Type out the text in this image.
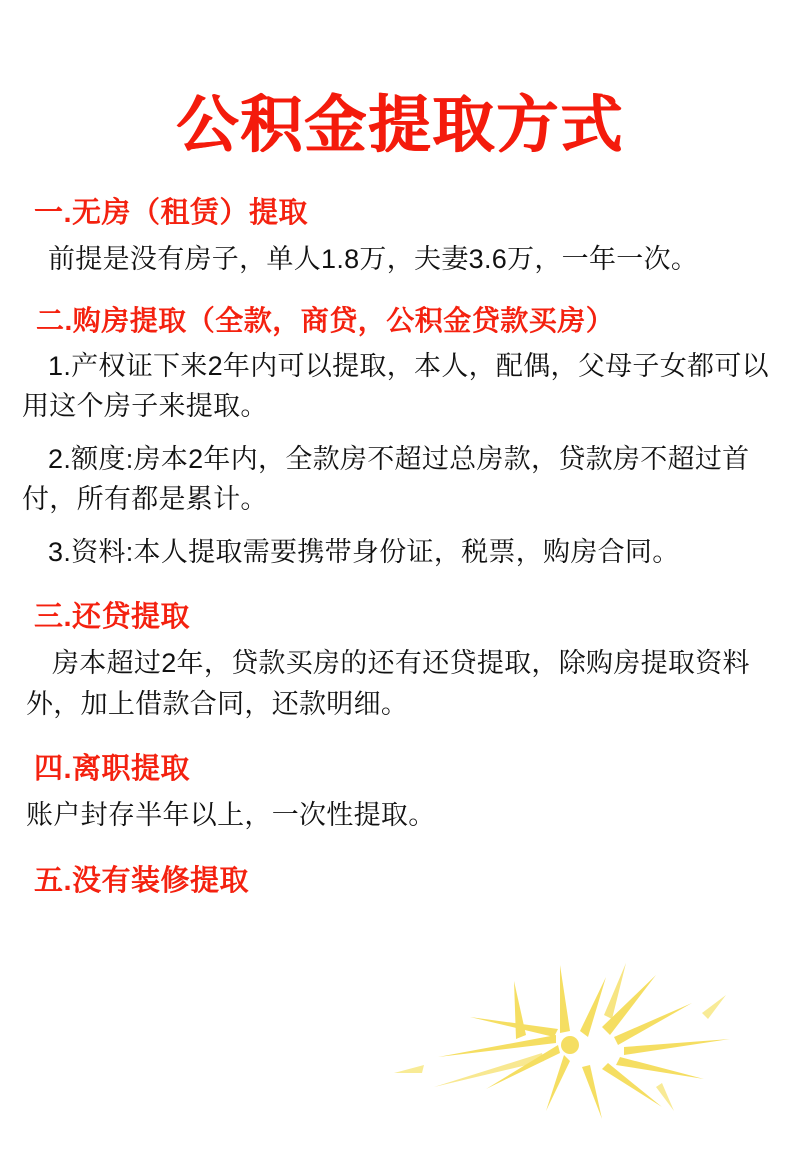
公积金提取方式
一.无房（租赁）提取
前提是没有房子，单人1.8万，夫妻3.6万，一年一次。
二.购房提取（全款，商贷，公积金贷款买房）
1.产权证下来2年内可以提取，本人，配偶，父母子女都可以用这个房子来提取。
2.额度:房本2年内，全款房不超过总房款，贷款房不超过首付，所有都是累计。
3.资料:本人提取需要携带身份证，税票，购房合同。
三.还贷提取
房本超过2年，贷款买房的还有还贷提取，除购房提取资料外，加上借款合同，还款明细。
四.离职提取
账户封存半年以上，一次性提取。
五.没有装修提取
